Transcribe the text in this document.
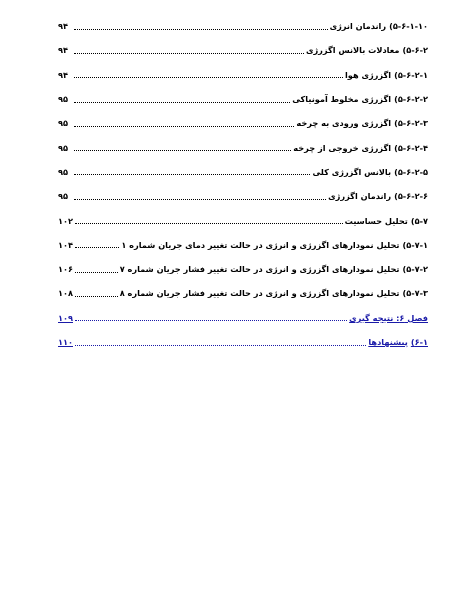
۵-۶-۱-۱۰)
راندمان انرژی
۹۴
۵-۶-۲)
معادلات بالانس اگزرژی
۹۴
۵-۶-۲-۱)
اگزرژی هوا
۹۴
۵-۶-۲-۲)
اگزرژی مخلوط آمونیاکی
۹۵
۵-۶-۲-۳)
اگزرژی ورودی به چرخه
۹۵
۵-۶-۲-۴)
اگزرژی خروجی از چرخه
۹۵
۵-۶-۲-۵)
بالانس اگزرژی کلی
۹۵
۵-۶-۲-۶)
راندمان اگزرژی
۹۵
۵-۷)
تحلیل حساسیت
۱۰۲
۵-۷-۱)
تحلیل نمودارهای اگزرژی و انرژی در حالت تغییر دمای جریان شماره ۱
۱۰۴
۵-۷-۲)
تحلیل نمودارهای اگزرژی و انرژی در حالت تغییر فشار جریان شماره ۷
۱۰۶
۵-۷-۳)
تحلیل نمودارهای اگزرژی و انرژی در حالت تغییر فشار جریان شماره ۸
۱۰۸
فصل ۶: نتیجه گیری
۱۰۹
۶-۱)
پیشنهادها
۱۱۰
